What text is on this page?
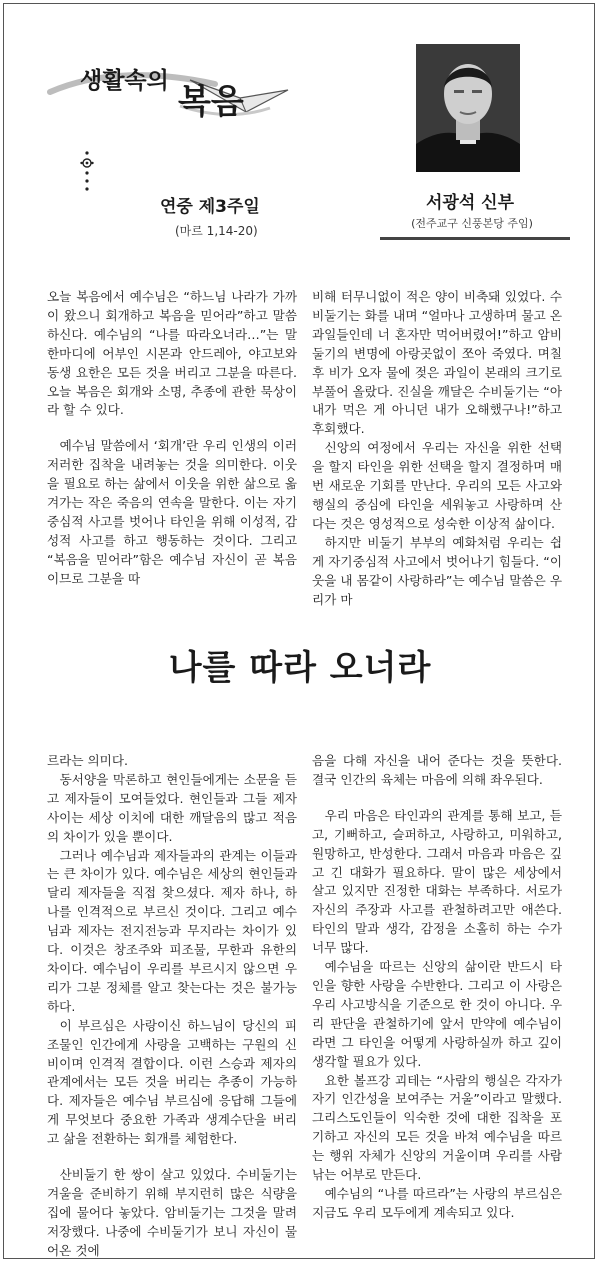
생활속의
복음
연중 제3주일
(마르 1,14-20)
서광석 신부
(전주교구 신풍본당 주임)

오늘 복음에서 예수님은 “하느님 나라가 가까이 왔으니 회개하고 복음을 믿어라”하고 말씀하신다. 예수님의 “나를 따라오너라…”는 말 한마디에 어부인 시몬과 안드레아, 야고보와 동생 요한은 모든 것을 버리고 그분을 따른다. 오늘 복음은 회개와 소명, 추종에 관한 묵상이라 할 수 있다.

예수님 말씀에서 ‘회개’란 우리 인생의 이러저러한 집착을 내려놓는 것을 의미한다. 이웃을 필요로 하는 삶에서 이웃을 위한 삶으로 옮겨가는 작은 죽음의 연속을 말한다. 이는 자기중심적 사고를 벗어나 타인을 위해 이성적, 감성적 사고를 하고 행동하는 것이다. 그리고 “복음을 믿어라”함은 예수님 자신이 곧 복음이므로 그분을 따

비해 터무니없이 적은 양이 비축돼 있었다. 수비둘기는 화를 내며 “얼마나 고생하며 물고 온 과일들인데 너 혼자만 먹어버렸어!”하고 암비둘기의 변명에 아랑곳없이 쪼아 죽였다. 며칠 후 비가 오자 물에 젖은 과일이 본래의 크기로 부풀어 올랐다. 진실을 깨달은 수비둘기는 “아내가 먹은 게 아니던 내가 오해했구나!”하고 후회했다.

신앙의 여정에서 우리는 자신을 위한 선택을 할지 타인을 위한 선택을 할지 결정하며 매번 새로운 기회를 만난다. 우리의 모든 사고와 행실의 중심에 타인을 세워놓고 사랑하며 산다는 것은 영성적으로 성숙한 이상적 삶이다.

하지만 비둘기 부부의 예화처럼 우리는 쉽게 자기중심적 사고에서 벗어나기 힘들다. “이웃을 내 몸같이 사랑하라”는 예수님 말씀은 우리가 마

나를 따라 오너라

르라는 의미다.

동서양을 막론하고 현인들에게는 소문을 듣고 제자들이 모여들었다. 현인들과 그들 제자 사이는 세상 이치에 대한 깨달음의 많고 적음의 차이가 있을 뿐이다.

그러나 예수님과 제자들과의 관계는 이들과는 큰 차이가 있다. 예수님은 세상의 현인들과 달리 제자들을 직접 찾으셨다. 제자 하나, 하나를 인격적으로 부르신 것이다. 그리고 예수님과 제자는 전지전능과 무지라는 차이가 있다. 이것은 창조주와 피조물, 무한과 유한의 차이다. 예수님이 우리를 부르시지 않으면 우리가 그분 정체를 알고 찾는다는 것은 불가능하다.

이 부르심은 사랑이신 하느님이 당신의 피조물인 인간에게 사랑을 고백하는 구원의 신비이며 인격적 결합이다. 이런 스승과 제자의 관계에서는 모든 것을 버리는 추종이 가능하다. 제자들은 예수님 부르심에 응답해 그들에게 무엇보다 중요한 가족과 생계수단을 버리고 삶을 전환하는 회개를 체험한다.

산비둘기 한 쌍이 살고 있었다. 수비둘기는 겨울을 준비하기 위해 부지런히 많은 식량을 집에 물어다 놓았다. 암비둘기는 그것을 말려 저장했다. 나중에 수비둘기가 보니 자신이 물어온 것에

음을 다해 자신을 내어 준다는 것을 뜻한다. 결국 인간의 육체는 마음에 의해 좌우된다.

우리 마음은 타인과의 관계를 통해 보고, 듣고, 기뻐하고, 슬퍼하고, 사랑하고, 미워하고, 원망하고, 반성한다. 그래서 마음과 마음은 깊고 긴 대화가 필요하다. 말이 많은 세상에서 살고 있지만 진정한 대화는 부족하다. 서로가 자신의 주장과 사고를 관철하려고만 애쓴다. 타인의 말과 생각, 감정을 소홀히 하는 수가 너무 많다.

예수님을 따르는 신앙의 삶이란 반드시 타인을 향한 사랑을 수반한다. 그리고 이 사랑은 우리 사고방식을 기준으로 한 것이 아니다. 우리 판단을 관철하기에 앞서 만약에 예수님이라면 그 타인을 어떻게 사랑하실까 하고 깊이 생각할 필요가 있다.

요한 볼프강 괴테는 “사람의 행실은 각자가 자기 인간성을 보여주는 거울”이라고 말했다. 그리스도인들이 익숙한 것에 대한 집착을 포기하고 자신의 모든 것을 바쳐 예수님을 따르는 행위 자체가 신앙의 거울이며 우리를 사람 낚는 어부로 만든다.

예수님의 “나를 따르라”는 사랑의 부르심은 지금도 우리 모두에게 계속되고 있다.
